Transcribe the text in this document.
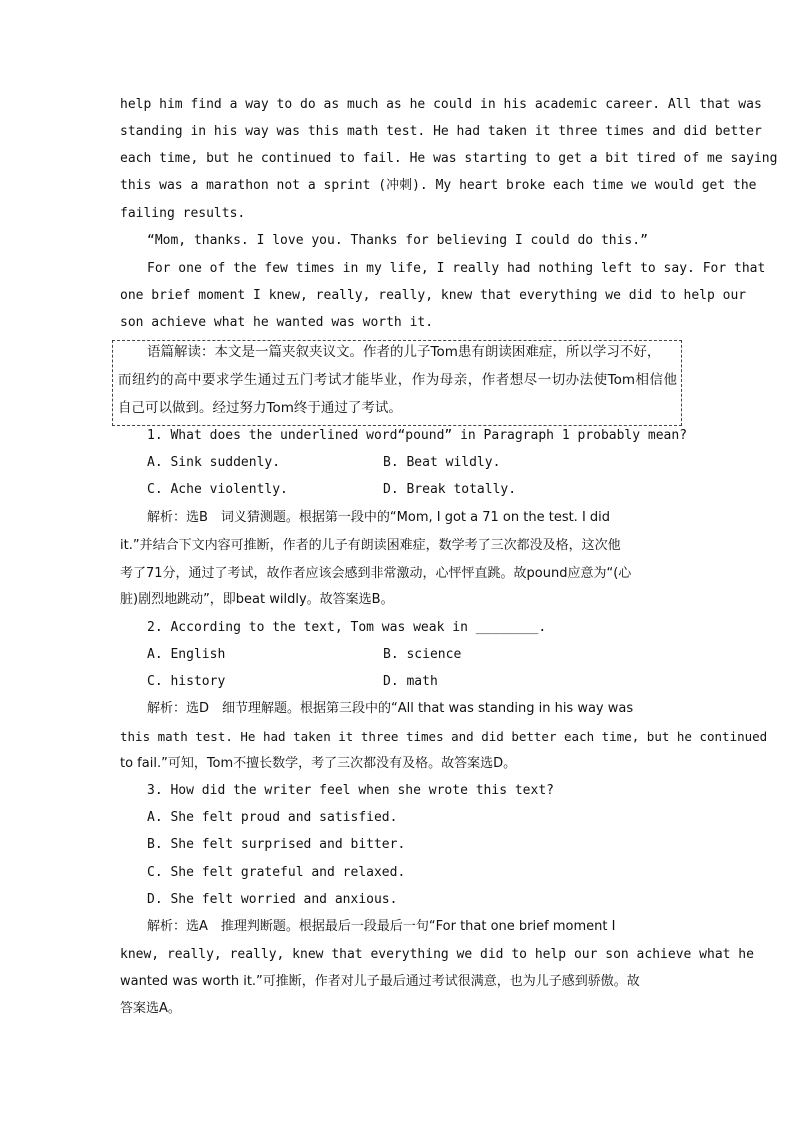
help him find a way to do as much as he could in his academic career. All that was
standing in his way was this math test. He had taken it three times and did better
each time, but he continued to fail. He was starting to get a bit tired of me saying
this was a marathon not a sprint (冲刺). My heart broke each time we would get the
failing results.
“Mom, thanks. I love you. Thanks for believing I could do this.”
For one of the few times in my life, I really had nothing left to say. For that
one brief moment I knew, really, really, knew that everything we did to help our
son achieve what he wanted was worth it.
语篇解读：本文是一篇夹叙夹议文。作者的儿子Tom患有朗读困难症，所以学习不好，
而纽约的高中要求学生通过五门考试才能毕业，作为母亲，作者想尽一切办法使Tom相信他
自己可以做到。经过努力Tom终于通过了考试。
1. What does the underlined word“pound” in Paragraph 1 probably mean?
A. Sink suddenly.	B. Beat wildly.
C. Ache violently.	D. Break totally.
解析：选B　词义猜测题。根据第一段中的“Mom, I got a 71 on the test. I did
it.”并结合下文内容可推断，作者的儿子有朗读困难症，数学考了三次都没及格，这次他
考了71分，通过了考试，故作者应该会感到非常激动，心怦怦直跳。故pound应意为“(心
脏)剧烈地跳动”，即beat wildly。故答案选B。
2. According to the text, Tom was weak in ________.
A. English	B. science
C. history	D. math
解析：选D　细节理解题。根据第三段中的“All that was standing in his way was
this math test. He had taken it three times and did better each time, but he continued
to fail.”可知，Tom不擅长数学，考了三次都没有及格。故答案选D。
3. How did the writer feel when she wrote this text?
A. She felt proud and satisfied.
B. She felt surprised and bitter.
C. She felt grateful and relaxed.
D. She felt worried and anxious.
解析：选A　推理判断题。根据最后一段最后一句“For that one brief moment I
knew, really, really, knew that everything we did to help our son achieve what he
wanted was worth it.”可推断，作者对儿子最后通过考试很满意，也为儿子感到骄傲。故
答案选A。
